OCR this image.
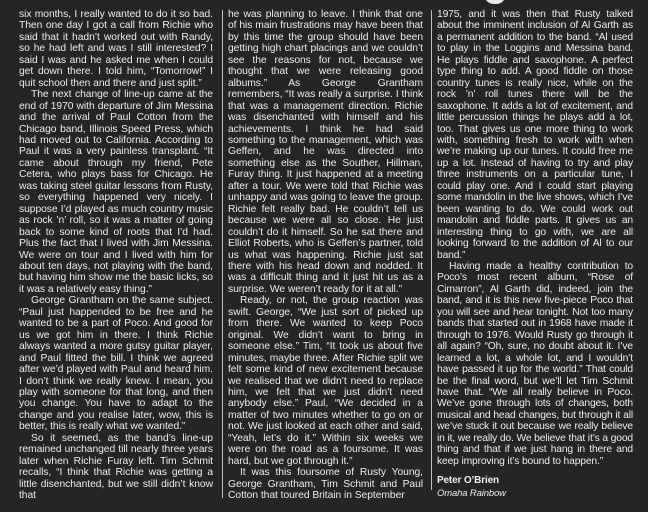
six months, I really wanted to do it so bad. Then one day I got a call from Richie who said that it hadn’t worked out with Randy, so he had left and was I still interested? I said I was and he asked me when I could get down there. I told him, “Tomorrow!” I quit school then and there and just split.”

The next change of line-up came at the end of 1970 with departure of Jim Messina and the arrival of Paul Cotton from the Chicago band, Illinois Speed Press, which had moved out to California. According to Paul it was a very painless transplant. “It came about through my friend, Pete Cetera, who plays bass for Chicago. He was taking steel guitar lessons from Rusty, so everything happened very nicely. I suppose I’d played as much country music as rock ’n’ roll, so it was a matter of going back to some kind of roots that I’d had. Plus the fact that I lived with Jim Messina. We were on tour and I lived with him for about ten days, not playing with the band, but having him show me the basic licks, so it was a relatively easy thing.”

George Grantham on the same subject. “Paul just happended to be free and he wanted to be a part of Poco. And good for us we got him in there. I think Richie always wanted a more gutsy guitar player, and Paul fitted the bill. I think we agreed after we’d played with Paul and heard him. I don’t think we really knew. I mean, you play with someone for that long, and then you change. You have to adapt to the change and you realise later, wow, this is better, this is really what we wanted.”

So it seemed, as the band’s line-up remained unchanged till nearly three years later when Richie Furay left. Tim Schmit recalls, “I think that Richie was getting a little disenchanted, but we still didn’t know that

he was planning to leave. I think that one of his main frustrations may have been that by this time the group should have been getting high chart placings and we couldn’t see the reasons for not, because we thought that we were releasing good albums.” As George Grantham remembers, “It was really a surprise. I think that was a management direction. Richie was disenchanted with himself and his achievements. I think he had said something to the management, which was Geffen, and he was directed into something else as the Souther, Hillman, Furay thing. It just happened at a meeting after a tour. We were told that Richie was unhappy and was going to leave the group. Richie felt really bad. He couldn’t tell us because we were all so close. He just couldn’t do it himself. So he sat there and Elliot Roberts, who is Geffen’s partner, told us what was happening. Richie just sat there with his head down and nodded. It was a difficult thing and it just hit us as a surprise. We weren’t ready for it at all.”

Ready, or not, the group reaction was swift. George, “We just sort of picked up from there. We wanted to keep Poco original. We didn’t want to bring in someone else.” Tim, “It took us about five minutes, maybe three. After Richie split we felt some kind of new excitement because we realised that we didn’t need to replace him, we felt that we just didn’t need anybody else.” Paul, “We decided in a matter of two minutes whether to go on or not. We just looked at each other and said, “Yeah, let’s do it.” Within six weeks we were on the road as a foursome. It was hard, but we got through it.”

It was this foursome of Rusty Young, George Grantham, Tim Schmit and Paul Cotton that toured Britain in September

1975, and it was then that Rusty talked about the imminent inclusion of Al Garth as a permanent addition to the band. “Al used to play in the Loggins and Messina band. He plays fiddle and saxophone. A perfect type thing to add. A good fiddle on those country tunes is really nice, while on the rock ’n’ roll tunes there will be the saxophone. It adds a lot of excitement, and little percussion things he plays add a lot, too. That gives us one more thing to work with, something fresh to work with when we’re making up our tunes. It could free me up a lot. Instead of having to try and play three instruments on a particular tune, I could play one. And I could start playing some mandolin in the live shows, which I’ve been wanting to do. We could work out mandolin and fiddle parts. It gives us an interesting thing to go with, we are all looking forward to the addition of Al to our band.”

Having made a healthy contribution to Poco’s most recent album, “Rose of Cimarron”, Al Garth did, indeed, join the band, and it is this new five-piece Poco that you will see and hear tonight. Not too many bands that started out in 1968 have made it through to 1976. Would Rusty go through it all again? “Oh, sure, no doubt about it. I’ve learned a lot, a whole lot, and I wouldn’t have passed it up for the world.” That could be the final word, but we’ll let Tim Schmit have that. “We all really believe in Poco. We’ve gone through lots of changes, both musical and head changes, but through it all we’ve stuck it out because we really believe in it, we really do. We believe that it’s a good thing and that if we just hang in there and keep improving it’s bound to happen.”

Peter O’Brien

Omaha Rainbow
